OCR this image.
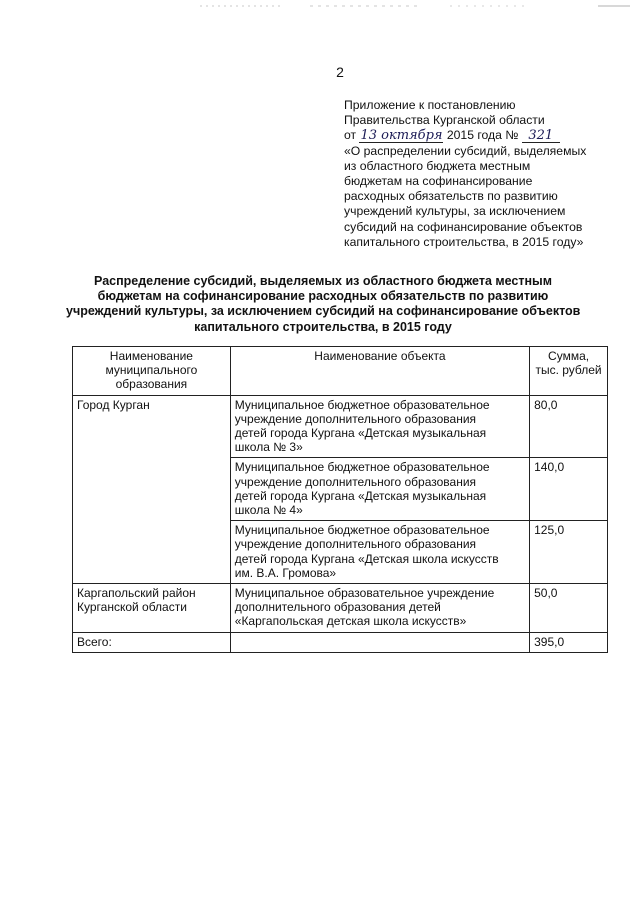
2
Приложение к постановлению
Правительства Курганской области
от 13 октября 2015 года № 321
«О распределении субсидий, выделяемых
из областного бюджета местным
бюджетам на софинансирование
расходных обязательств по развитию
учреждений культуры, за исключением
субсидий на софинансирование объектов
капитального строительства, в 2015 году»
Распределение субсидий, выделяемых из областного бюджета местным
бюджетам на софинансирование расходных обязательств по развитию
учреждений культуры, за исключением субсидий на софинансирование объектов
капитального строительства, в 2015 году
Наименование
муниципального
образования	Наименование объекта	Сумма,
тыс. рублей

Город Курган	Муниципальное бюджетное образовательное
учреждение дополнительного образования
детей города Кургана «Детская музыкальная
школа № 3»	80,0

	Муниципальное бюджетное образовательное
учреждение дополнительного образования
детей города Кургана «Детская музыкальная
школа № 4»	140,0

	Муниципальное бюджетное образовательное
учреждение дополнительного образования
детей города Кургана «Детская школа искусств
им. В.А. Громова»	125,0

Каргапольский район
Курганской области	Муниципальное образовательное учреждение
дополнительного образования детей
«Каргапольская детская школа искусств»	50,0
Всего:		395,0
